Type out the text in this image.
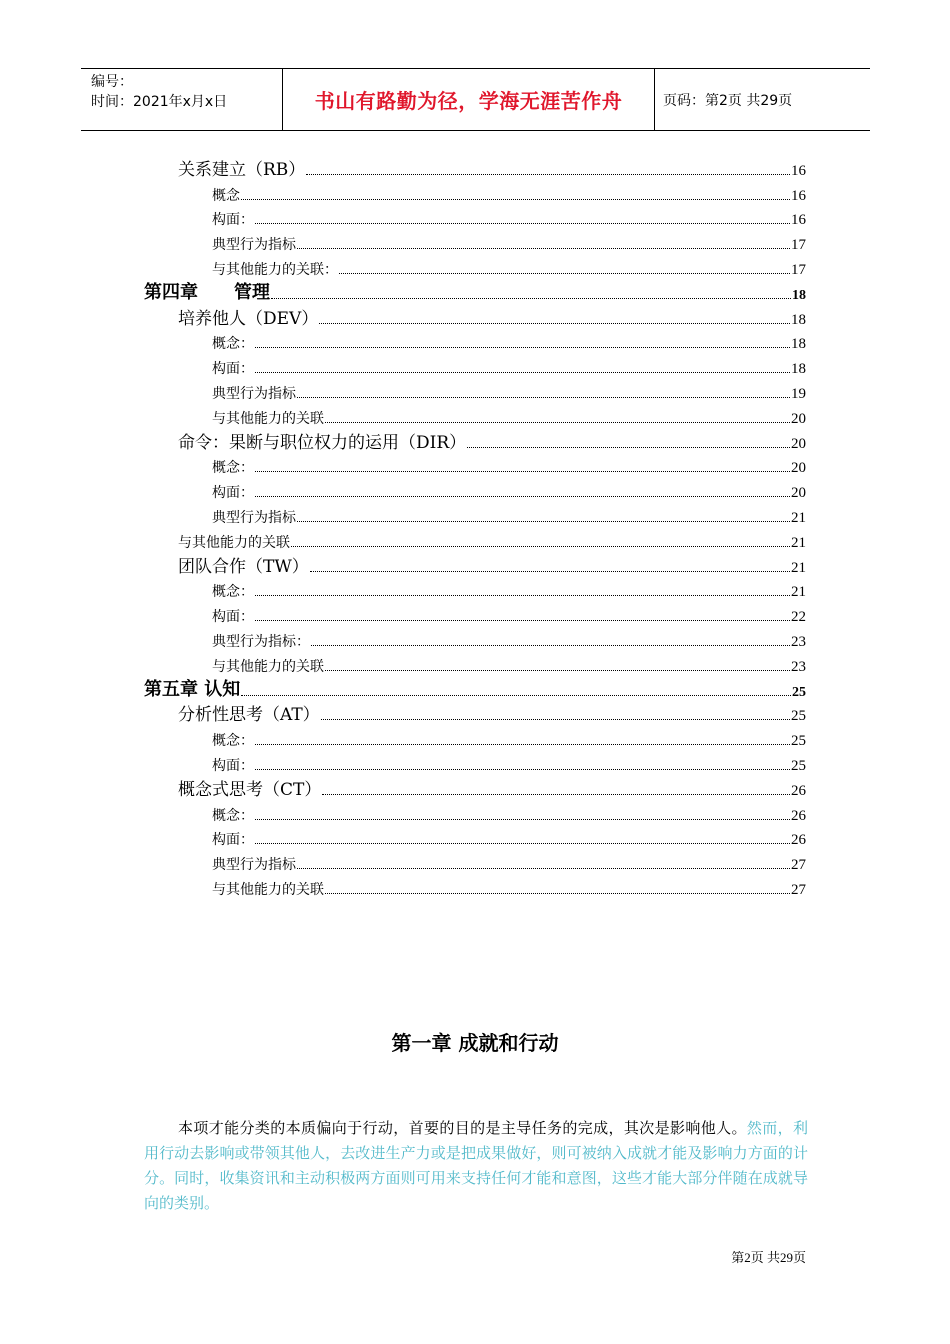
编号：
时间：2021年x月x日	书山有路勤为径，学海无涯苦作舟	页码：第2页 共29页
关系建立（RB）	16
概念	16
构面：	16
典型行为指标	17
与其他能力的关联：	17
第四章　　管理	18
培养他人（DEV）	18
概念：	18
构面：	18
典型行为指标	19
与其他能力的关联	20
命令：果断与职位权力的运用（DIR）	20
概念：	20
构面：	20
典型行为指标	21
与其他能力的关联	21
团队合作（TW）	21
概念：	21
构面：	22
典型行为指标：	23
与其他能力的关联	23
第五章 认知	25
分析性思考（AT）	25
概念：	25
构面：	25
概念式思考（CT）	26
概念：	26
构面：	26
典型行为指标	27
与其他能力的关联	27
第一章 成就和行动
本项才能分类的本质偏向于行动，首要的目的是主导任务的完成，其次是影响他人。然而，利用行动去影响或带领其他人，去改进生产力或是把成果做好，则可被纳入成就才能及影响力方面的计分。同时，收集资讯和主动积极两方面则可用来支持任何才能和意图，这些才能大部分伴随在成就导向的类别。
第2页 共29页
